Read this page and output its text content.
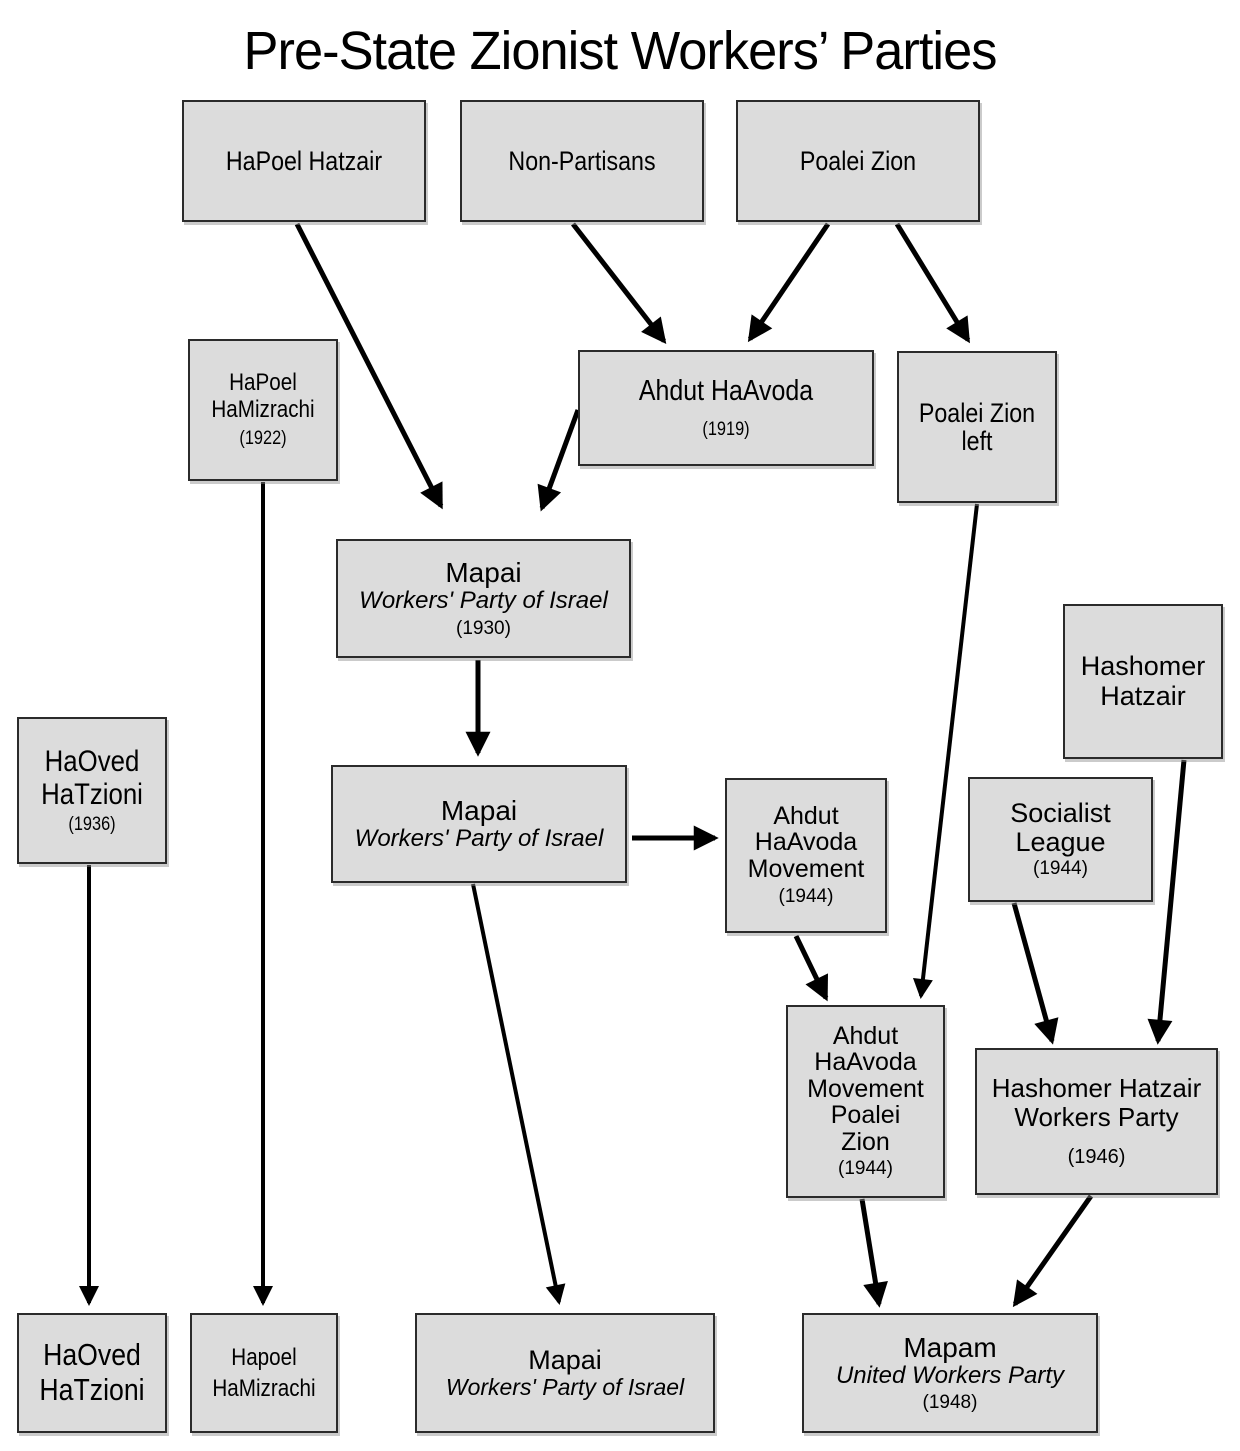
Pre-State Zionist Workers’ Parties
HaPoel Hatzair	Non-Partisans	Poalei Zion
HaPoel
HaMizrachi
(1922)
Ahdut HaAvoda
(1919)
Poalei Zion
left
Mapai
Workers' Party of Israel
(1930)
HaOved
HaTzioni
(1936)	Mapai
Workers' Party of Israel
Ahdut
HaAvoda
Movement
(1944)
Hashomer
Hatzair
Socialist
League
(1944)
Ahdut
HaAvoda
Movement
Poalei
Zion
(1944)
Hashomer Hatzair
Workers Party
(1946)
HaOved
HaTzioni
Hapoel
HaMizrachi
Mapai
Workers' Party of Israel
Mapam
United Workers Party
(1948)
